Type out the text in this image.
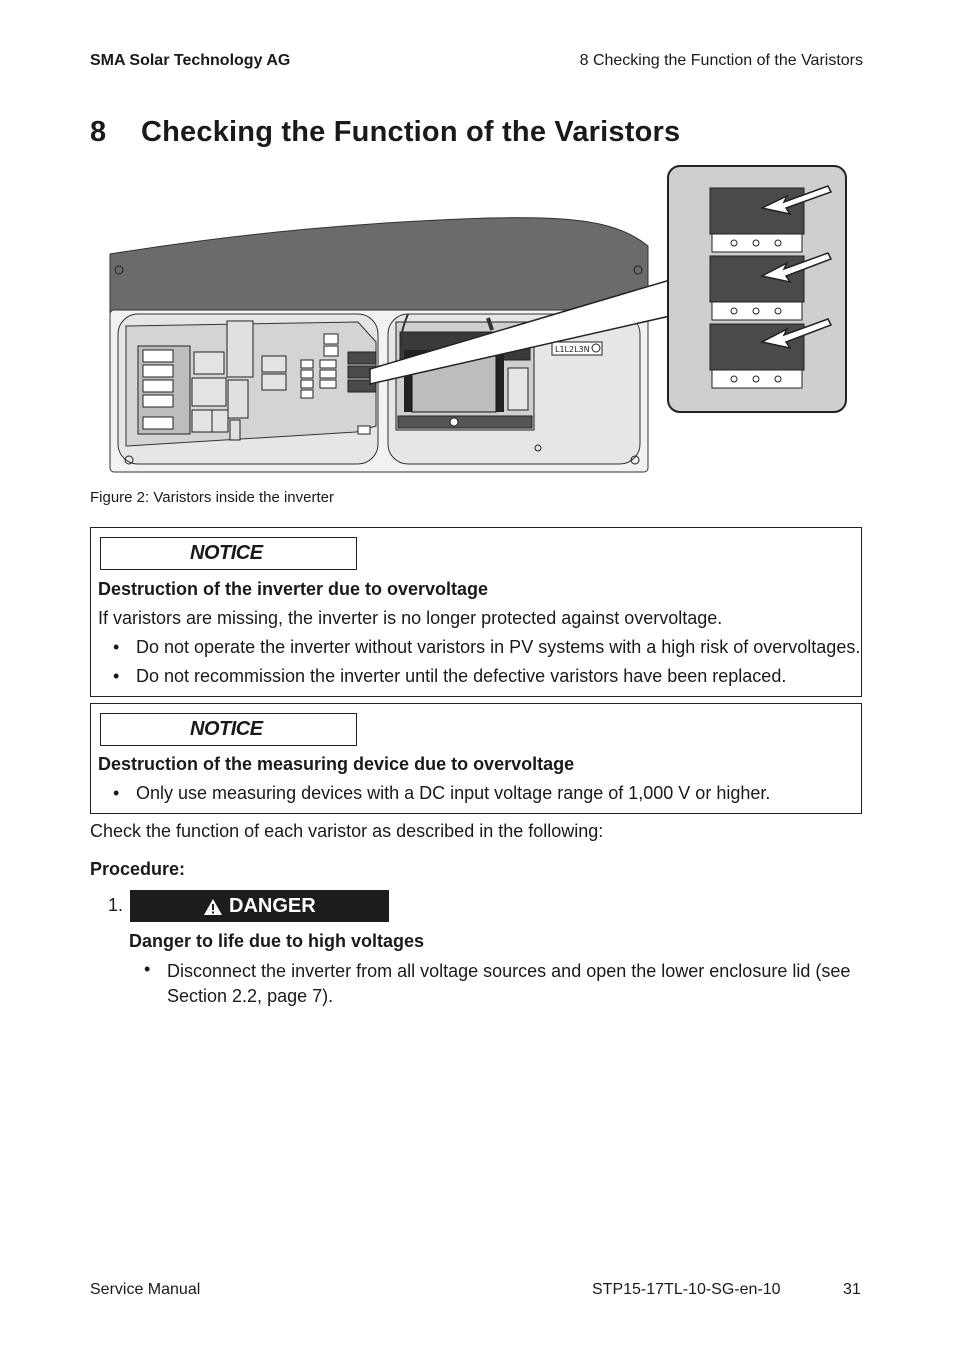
SMA Solar Technology AG	8 Checking the Function of the Varistors
8 Checking the Function of the Varistors
L1L2L3N
Figure 2: Varistors inside the inverter
NOTICE
Destruction of the inverter due to overvoltage
If varistors are missing, the inverter is no longer protected against overvoltage.
• Do not operate the inverter without varistors in PV systems with a high risk of overvoltages.
• Do not recommission the inverter until the defective varistors have been replaced.
NOTICE
Destruction of the measuring device due to overvoltage
• Only use measuring devices with a DC input voltage range of 1,000 V or higher.
Check the function of each varistor as described in the following:
Procedure:
1.	DANGER
Danger to life due to high voltages
• Disconnect the inverter from all voltage sources and open the lower enclosure lid (see
Section 2.2, page 7).
Service Manual	STP15-17TL-10-SG-en-10	31
